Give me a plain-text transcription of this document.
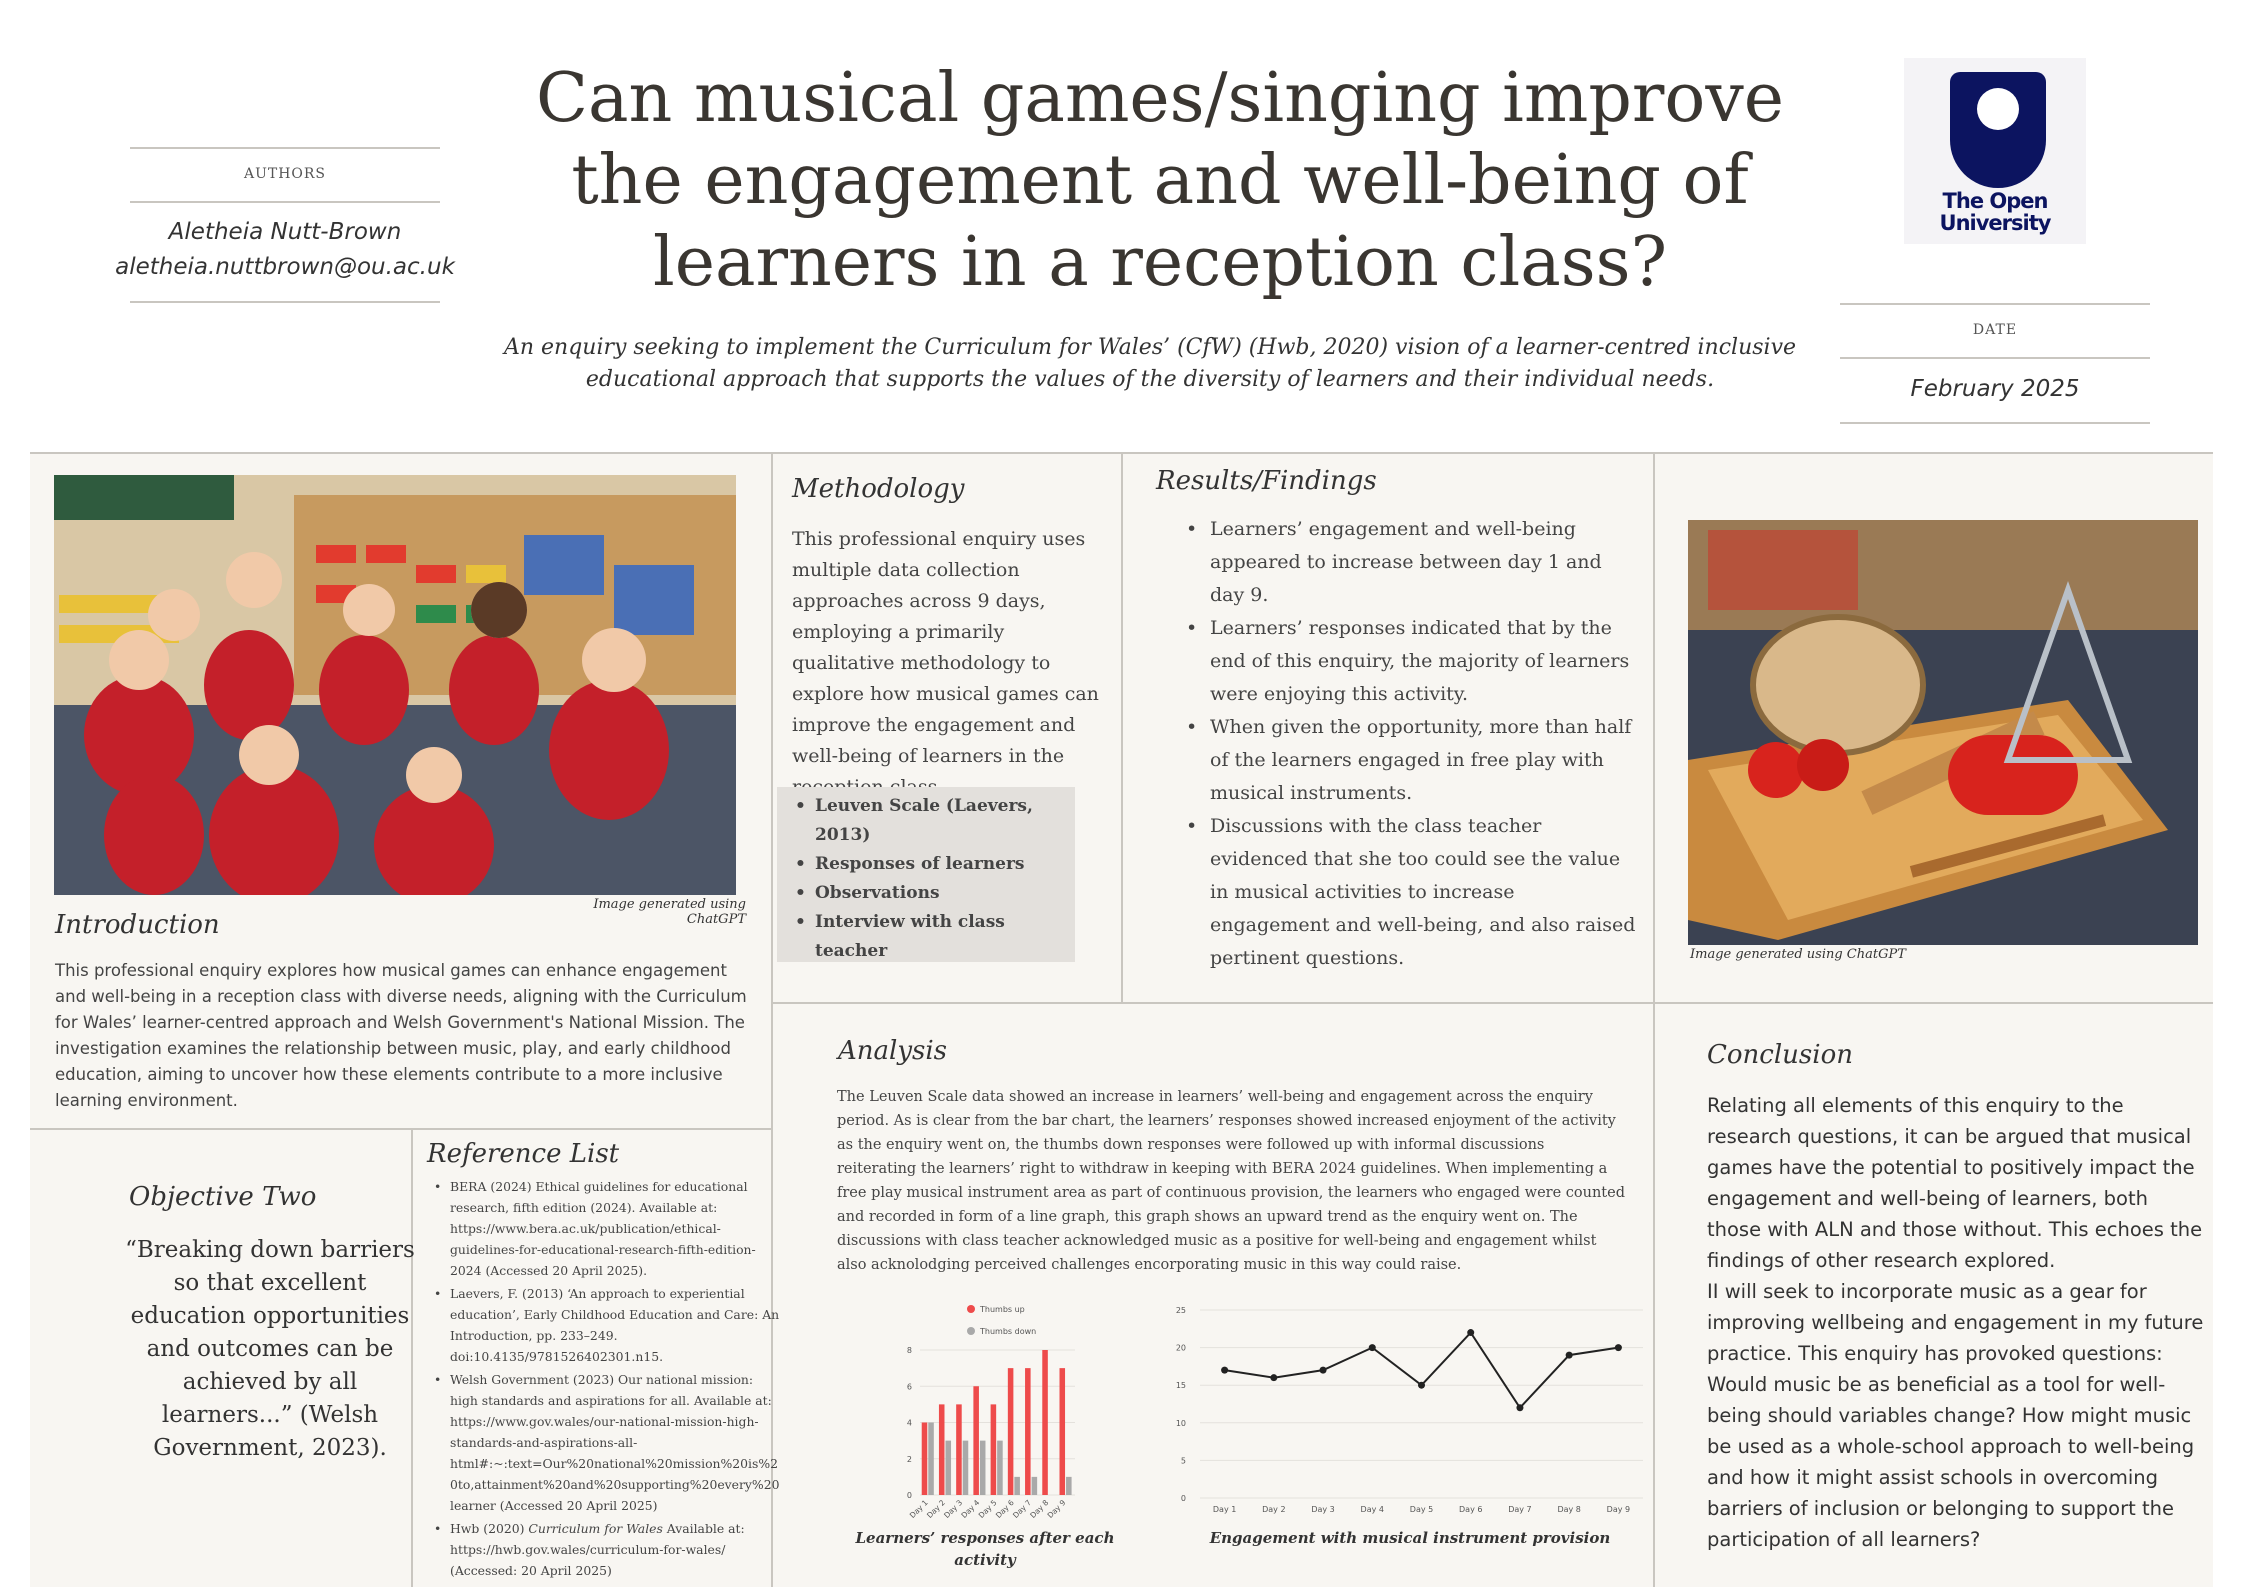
AUTHORS
Aletheia Nutt-Brown
aletheia.nuttbrown@ou.ac.uk
Can musical games/singing improve
the engagement and well-being of
learners in a reception class?
An enquiry seeking to implement the Curriculum for Wales’ (CfW) (Hwb, 2020) vision of a learner-centred inclusive
educational approach that supports the values of the diversity of learners and their individual needs.
The Open
University
DATE
February 2025
Image generated using ChatGPT
Introduction
This professional enquiry explores how musical games can enhance engagement and well-being in a reception class with diverse needs, aligning with the Curriculum for Wales’ learner-centred approach and Welsh Government's National Mission. The investigation examines the relationship between music, play, and early childhood education, aiming to uncover how these elements contribute to a more inclusive learning environment.
Methodology
This professional enquiry uses multiple data collection approaches across 9 days, employing a primarily qualitative methodology to explore how musical games can improve the engagement and well-being of learners in the
• Leuven Scale (Laevers, 2013)
• Responses of learners
• Observations
• Interview with class teacher
Results/Findings
• Learners’ engagement and well-being appeared to increase between day 1 and day 9.
• Learners’ responses indicated that by the end of this enquiry, the majority of learners were enjoying this activity.
• When given the opportunity, more than half of the learners engaged in free play with musical instruments.
• Discussions with the class teacher evidenced that she too could see the value in musical activities to increase engagement and well-being, and also raised pertinent questions.	Image generated using ChatGPT
Objective Two
“Breaking down barriers so that excellent education opportunities and outcomes can be achieved by all learners...” (Welsh Government, 2023).
Reference List
• BERA (2024) Ethical guidelines for educational research, fifth edition (2024). Available at: https://www.bera.ac.uk/publication/ethical-guidelines-for-educational-research-fifth-edition-2024 (Accessed 20 April 2025).
• Laevers, F. (2013) ‘An approach to experiential education’, Early Childhood Education and Care: An Introduction, pp. 233–249. doi:10.4135/9781526402301.n15.
• Welsh Government (2023) Our national mission: high standards and aspirations for all. Available at: https://www.gov.wales/our-national-mission-high-standards-and-aspirations-all-html#:~:text=Our%20national%20mission%20is%20to,attainment%20and%20supporting%20every%20learner (Accessed 20 April 2025)
• Hwb (2020) Curriculum for Wales Available at: https://hwb.gov.wales/curriculum-for-wales/ (Accessed: 20 April 2025)
Analysis
The Leuven Scale data showed an increase in learners’ well-being and engagement across the enquiry period. As is clear from the bar chart, the learners’ responses showed increased enjoyment of the activity as the enquiry went on, the thumbs down responses were followed up with informal discussions reiterating the learners’ right to withdraw in keeping with BERA 2024 guidelines. When implementing a free play musical instrument area as part of continuous provision, the learners who engaged were counted and recorded in form of a line graph, this graph shows an upward trend as the enquiry went on. The discussions with class teacher acknowledged music as a positive for well-being and engagement whilst also acknolodging perceived challenges encorporating music in this way could raise.
0
2
4
6
8
Thumbs up
Thumbs down
Day 1
Day 2
Day 3
Day 4
Day 5
Day 6
Day 7
Day 8
Day 9
Learners’ responses after each
activity
0
5
10
15
20
25
Day 1	Day 2	Day 3	Day 4	Day 5	Day 6	Day 7	Day 8	Day 9
Engagement with musical instrument provision
Conclusion

Relating all elements of this enquiry to the research questions, it can be argued that musical games have the potential to positively impact the engagement and well-being of learners, both those with ALN and those without. This echoes the findings of other research explored.

II will seek to incorporate music as a gear for improving wellbeing and engagement in my future practice. This enquiry has provoked questions: Would music be as beneficial as a tool for well-being should variables change? How might music be used as a whole-school approach to well-being and how it might assist schools in overcoming barriers of inclusion or belonging to support the participation of all learners?
